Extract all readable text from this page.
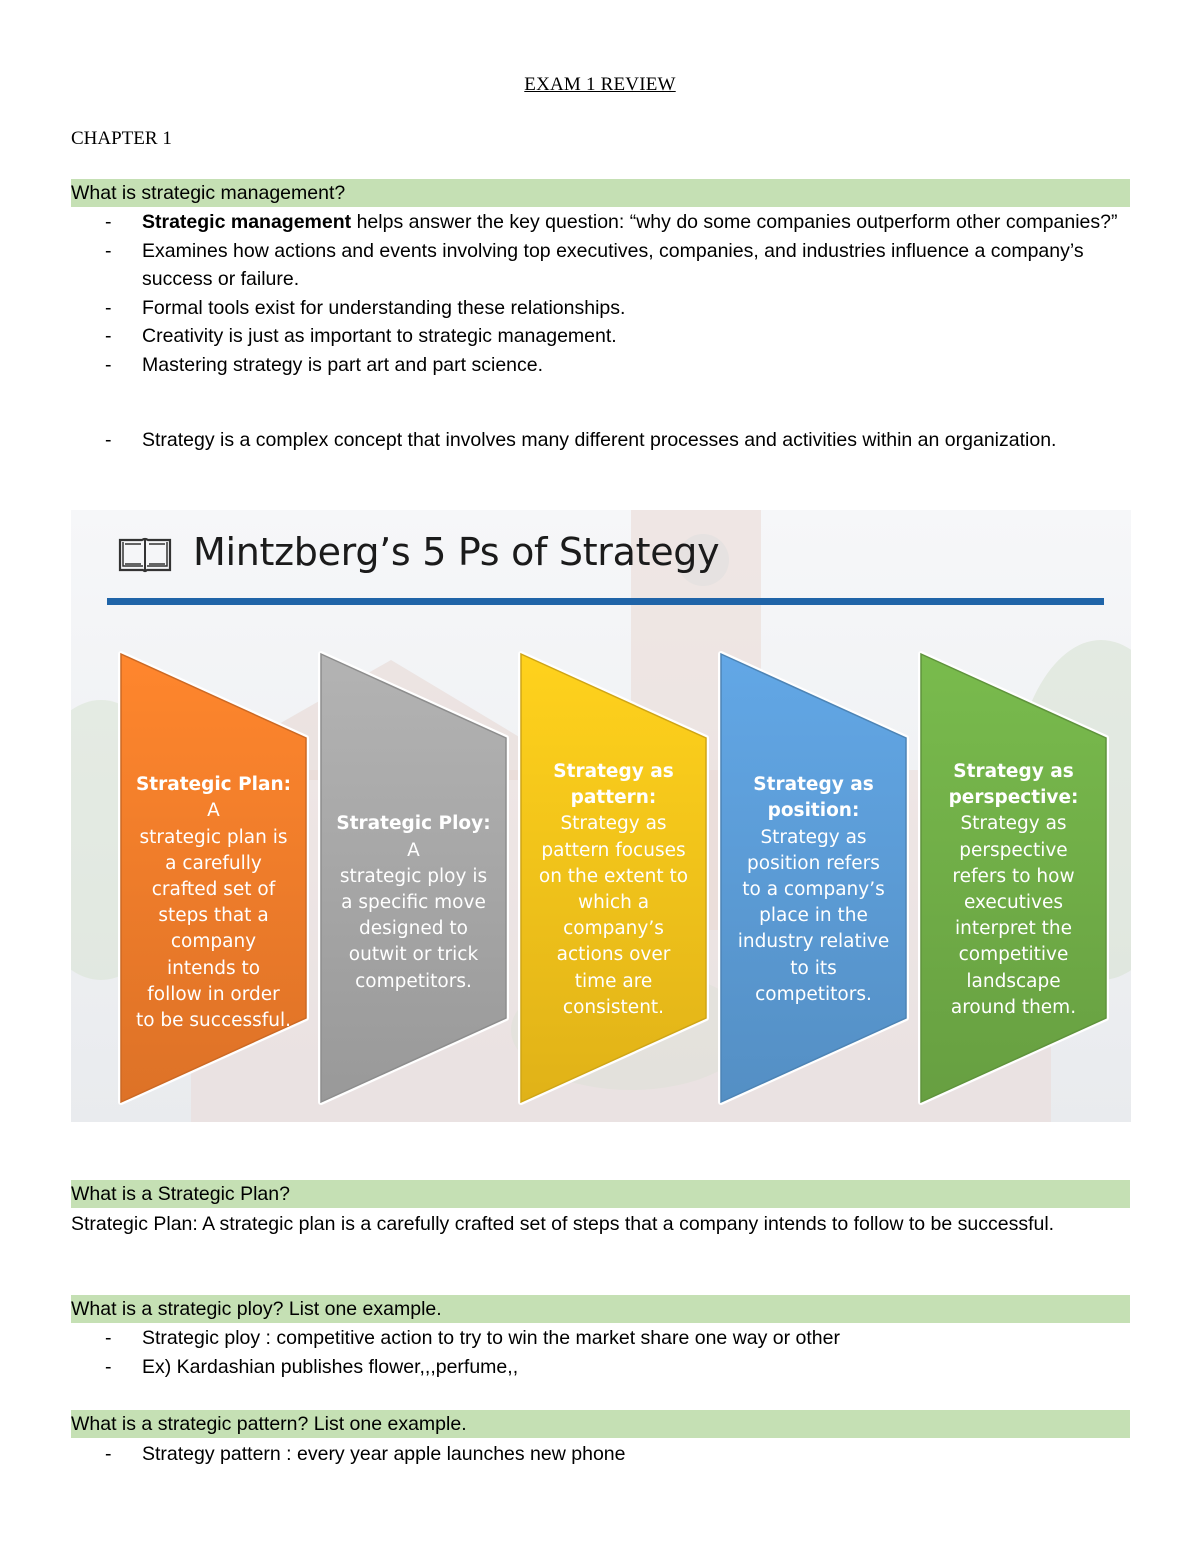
EXAM 1 REVIEW
CHAPTER 1
What is strategic management?
- Strategic management helps answer the key question: “why do some companies outperform other companies?”
- Examines how actions and events involving top executives, companies, and industries influence a company’s success or failure.
- Formal tools exist for understanding these relationships.
- Creativity is just as important to strategic management.
- Mastering strategy is part art and part science.
- Strategy is a complex concept that involves many different processes and activities within an organization.
Mintzberg’s 5 Ps of Strategy
Strategic Plan: A
strategic plan is
a carefully
crafted set of
steps that a
company
intends to
follow in order
to be successful.
Strategic Ploy: A
strategic ploy is
a specific move
designed to
outwit or trick
competitors.
Strategy as
pattern:
Strategy as
pattern focuses
on the extent to
which a
company’s
actions over
time are
consistent.
Strategy as
position:
Strategy as
position refers
to a company’s
place in the
industry relative
to its
competitors.
Strategy as
perspective:
Strategy as
perspective
refers to how
executives
interpret the
competitive
landscape
around them.
What is a Strategic Plan?

Strategic Plan: A strategic plan is a carefully crafted set of steps that a company intends to follow to be successful.

What is a strategic ploy? List one example.
- Strategic ploy : competitive action to try to win the market share one way or other
- Ex) Kardashian publishes flower,,,perfume,,
What is a strategic pattern? List one example.
- Strategy pattern : every year apple launches new phone
